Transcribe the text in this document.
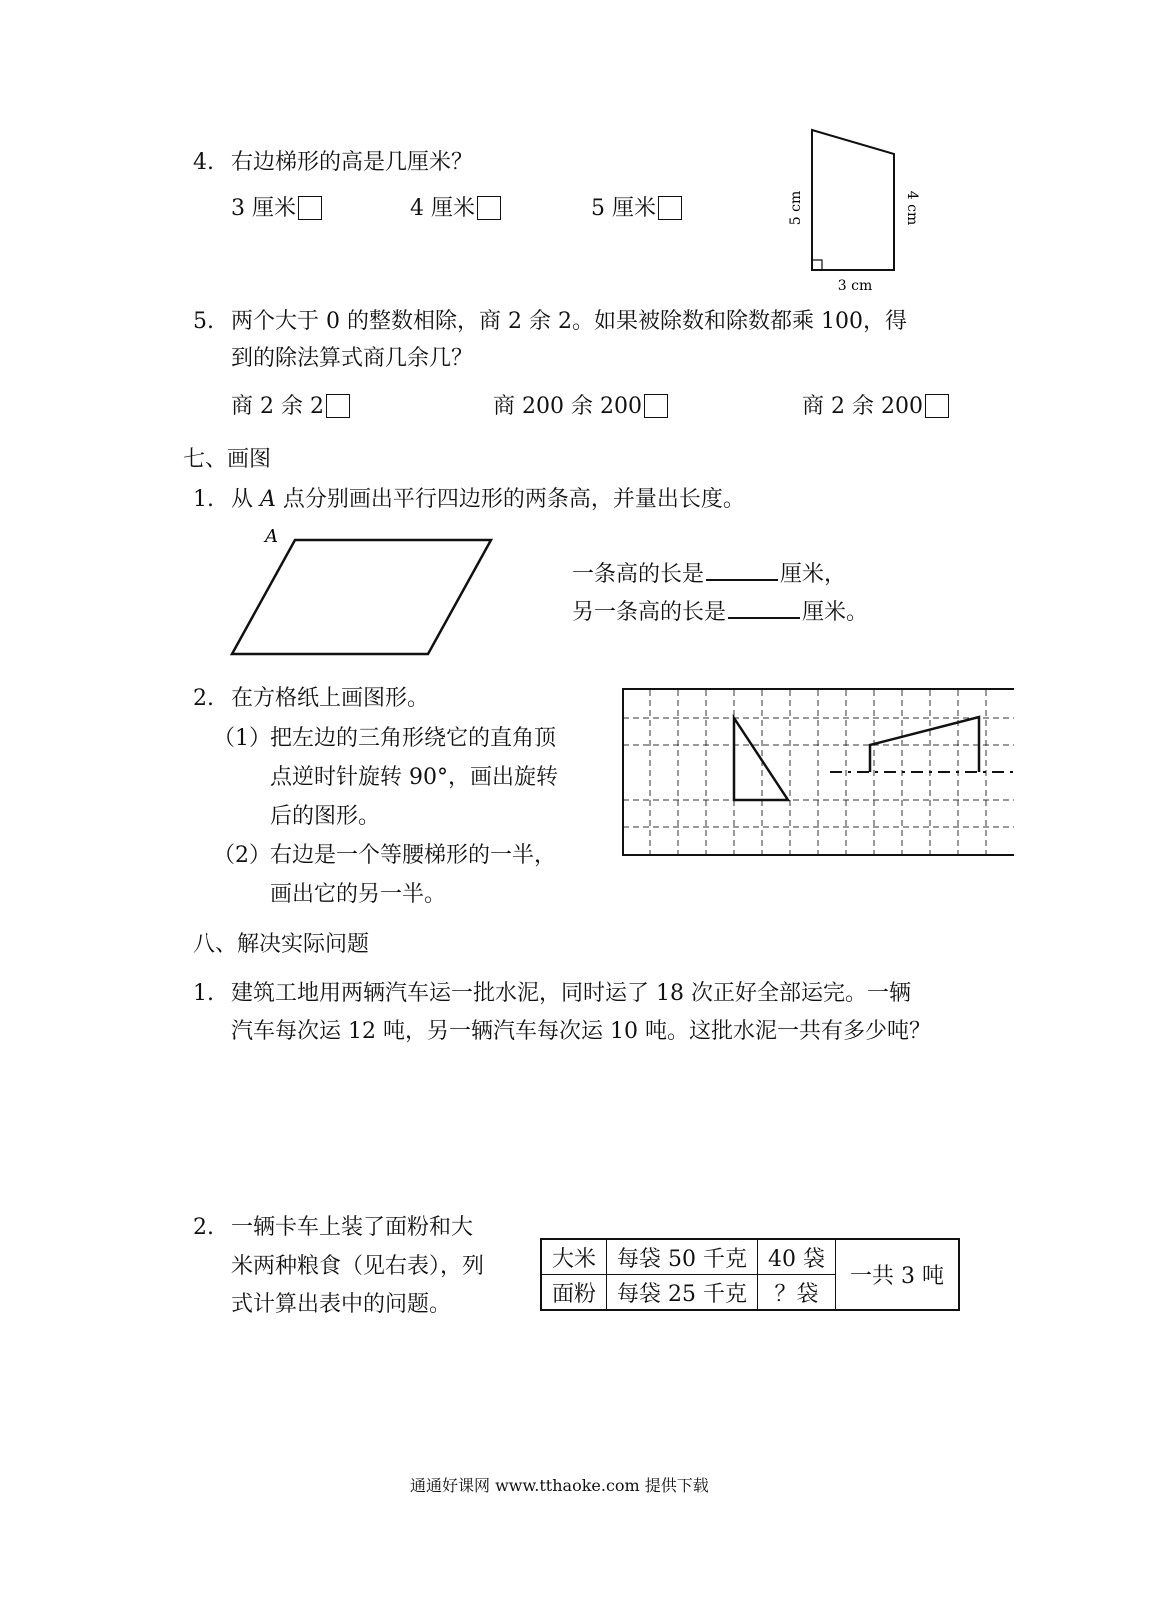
4. 右边梯形的高是几厘米？
3 厘米	4 厘米	5 厘米	5 cm	4 cm
3 cm
5. 两个大于 0 的整数相除，商 2 余 2。如果被除数和除数都乘 100，得
到的除法算式商几余几？
商 2 余 2	商 200 余 200	商 2 余 200
七、画图
1. 从 A 点分别画出平行四边形的两条高，并量出长度。
A
一条高的长是	厘米，
另一条高的长是	厘米。
2. 在方格纸上画图形。
（1） 把左边的三角形绕它的直角顶
点逆时针旋转 90°，画出旋转
后的图形。
（2） 右边是一个等腰梯形的一半，
画出它的另一半。
八、解决实际问题
1. 建筑工地用两辆汽车运一批水泥，同时运了 18 次正好全部运完。一辆
汽车每次运 12 吨，另一辆汽车每次运 10 吨。这批水泥一共有多少吨？
2. 一辆卡车上装了面粉和大
米两种粮食（见右表），列
式计算出表中的问题。
大米	每袋 50 千克	40 袋	一共 3 吨
面粉	每袋 25 千克	？袋	
通通好课网 www.tthaoke.com 提供下载
